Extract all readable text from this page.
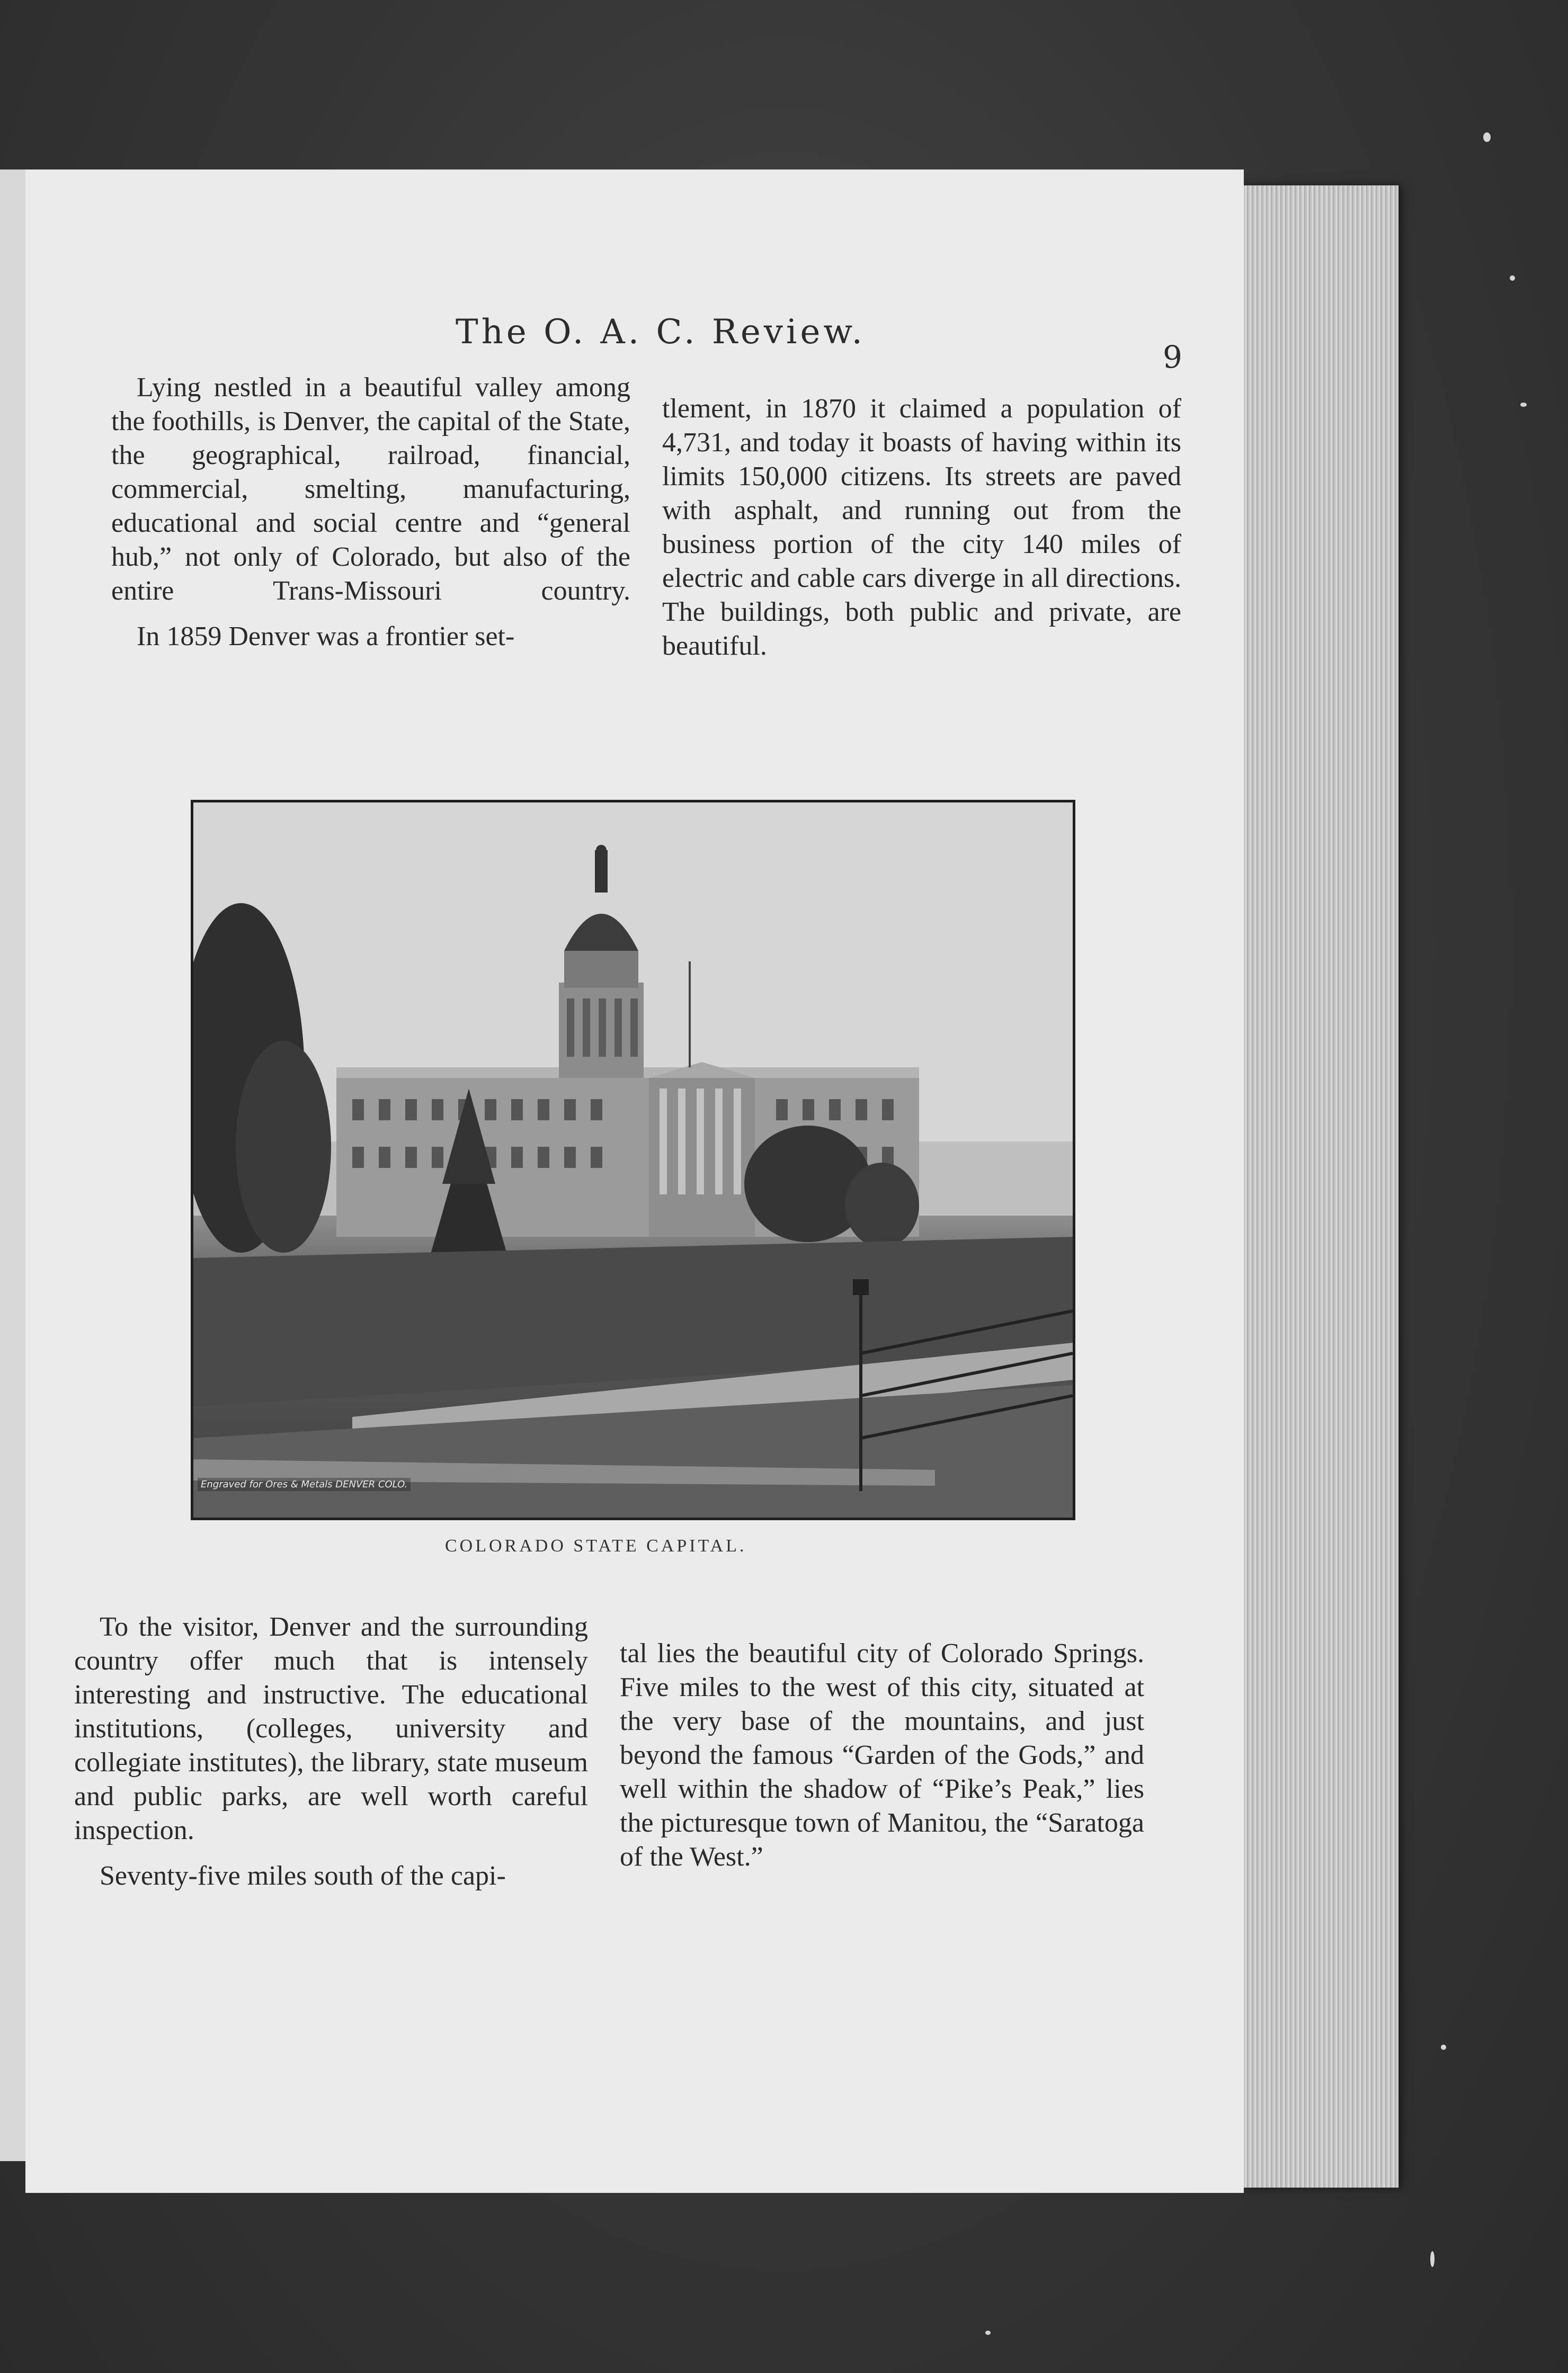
The O. A. C. Review.
9

Lying nestled in a beautiful valley among the foothills, is Denver, the capital of the State, the geographical, railroad, financial, commercial, smelting, manufacturing, educational and social centre and “general hub,” not only of Colorado, but also of the entire Trans-Missouri country.

In 1859 Denver was a frontier set-

tlement, in 1870 it claimed a population of 4,731, and today it boasts of having within its limits 150,000 citizens. Its streets are paved with asphalt, and running out from the business portion of the city 140 miles of electric and cable cars diverge in all directions. The buildings, both public and private, are beautiful.

Engraved for Ores & Metals DENVER COLO.
COLORADO STATE CAPITAL.

To the visitor, Denver and the surrounding country offer much that is intensely interesting and instructive. The educational institutions, (colleges, university and collegiate institutes), the library, state museum and public parks, are well worth careful inspection.

Seventy-five miles south of the capi-

tal lies the beautiful city of Colorado Springs. Five miles to the west of this city, situated at the very base of the mountains, and just beyond the famous “Garden of the Gods,” and well within the shadow of “Pike’s Peak,” lies the picturesque town of Manitou, the “Saratoga of the West.”
